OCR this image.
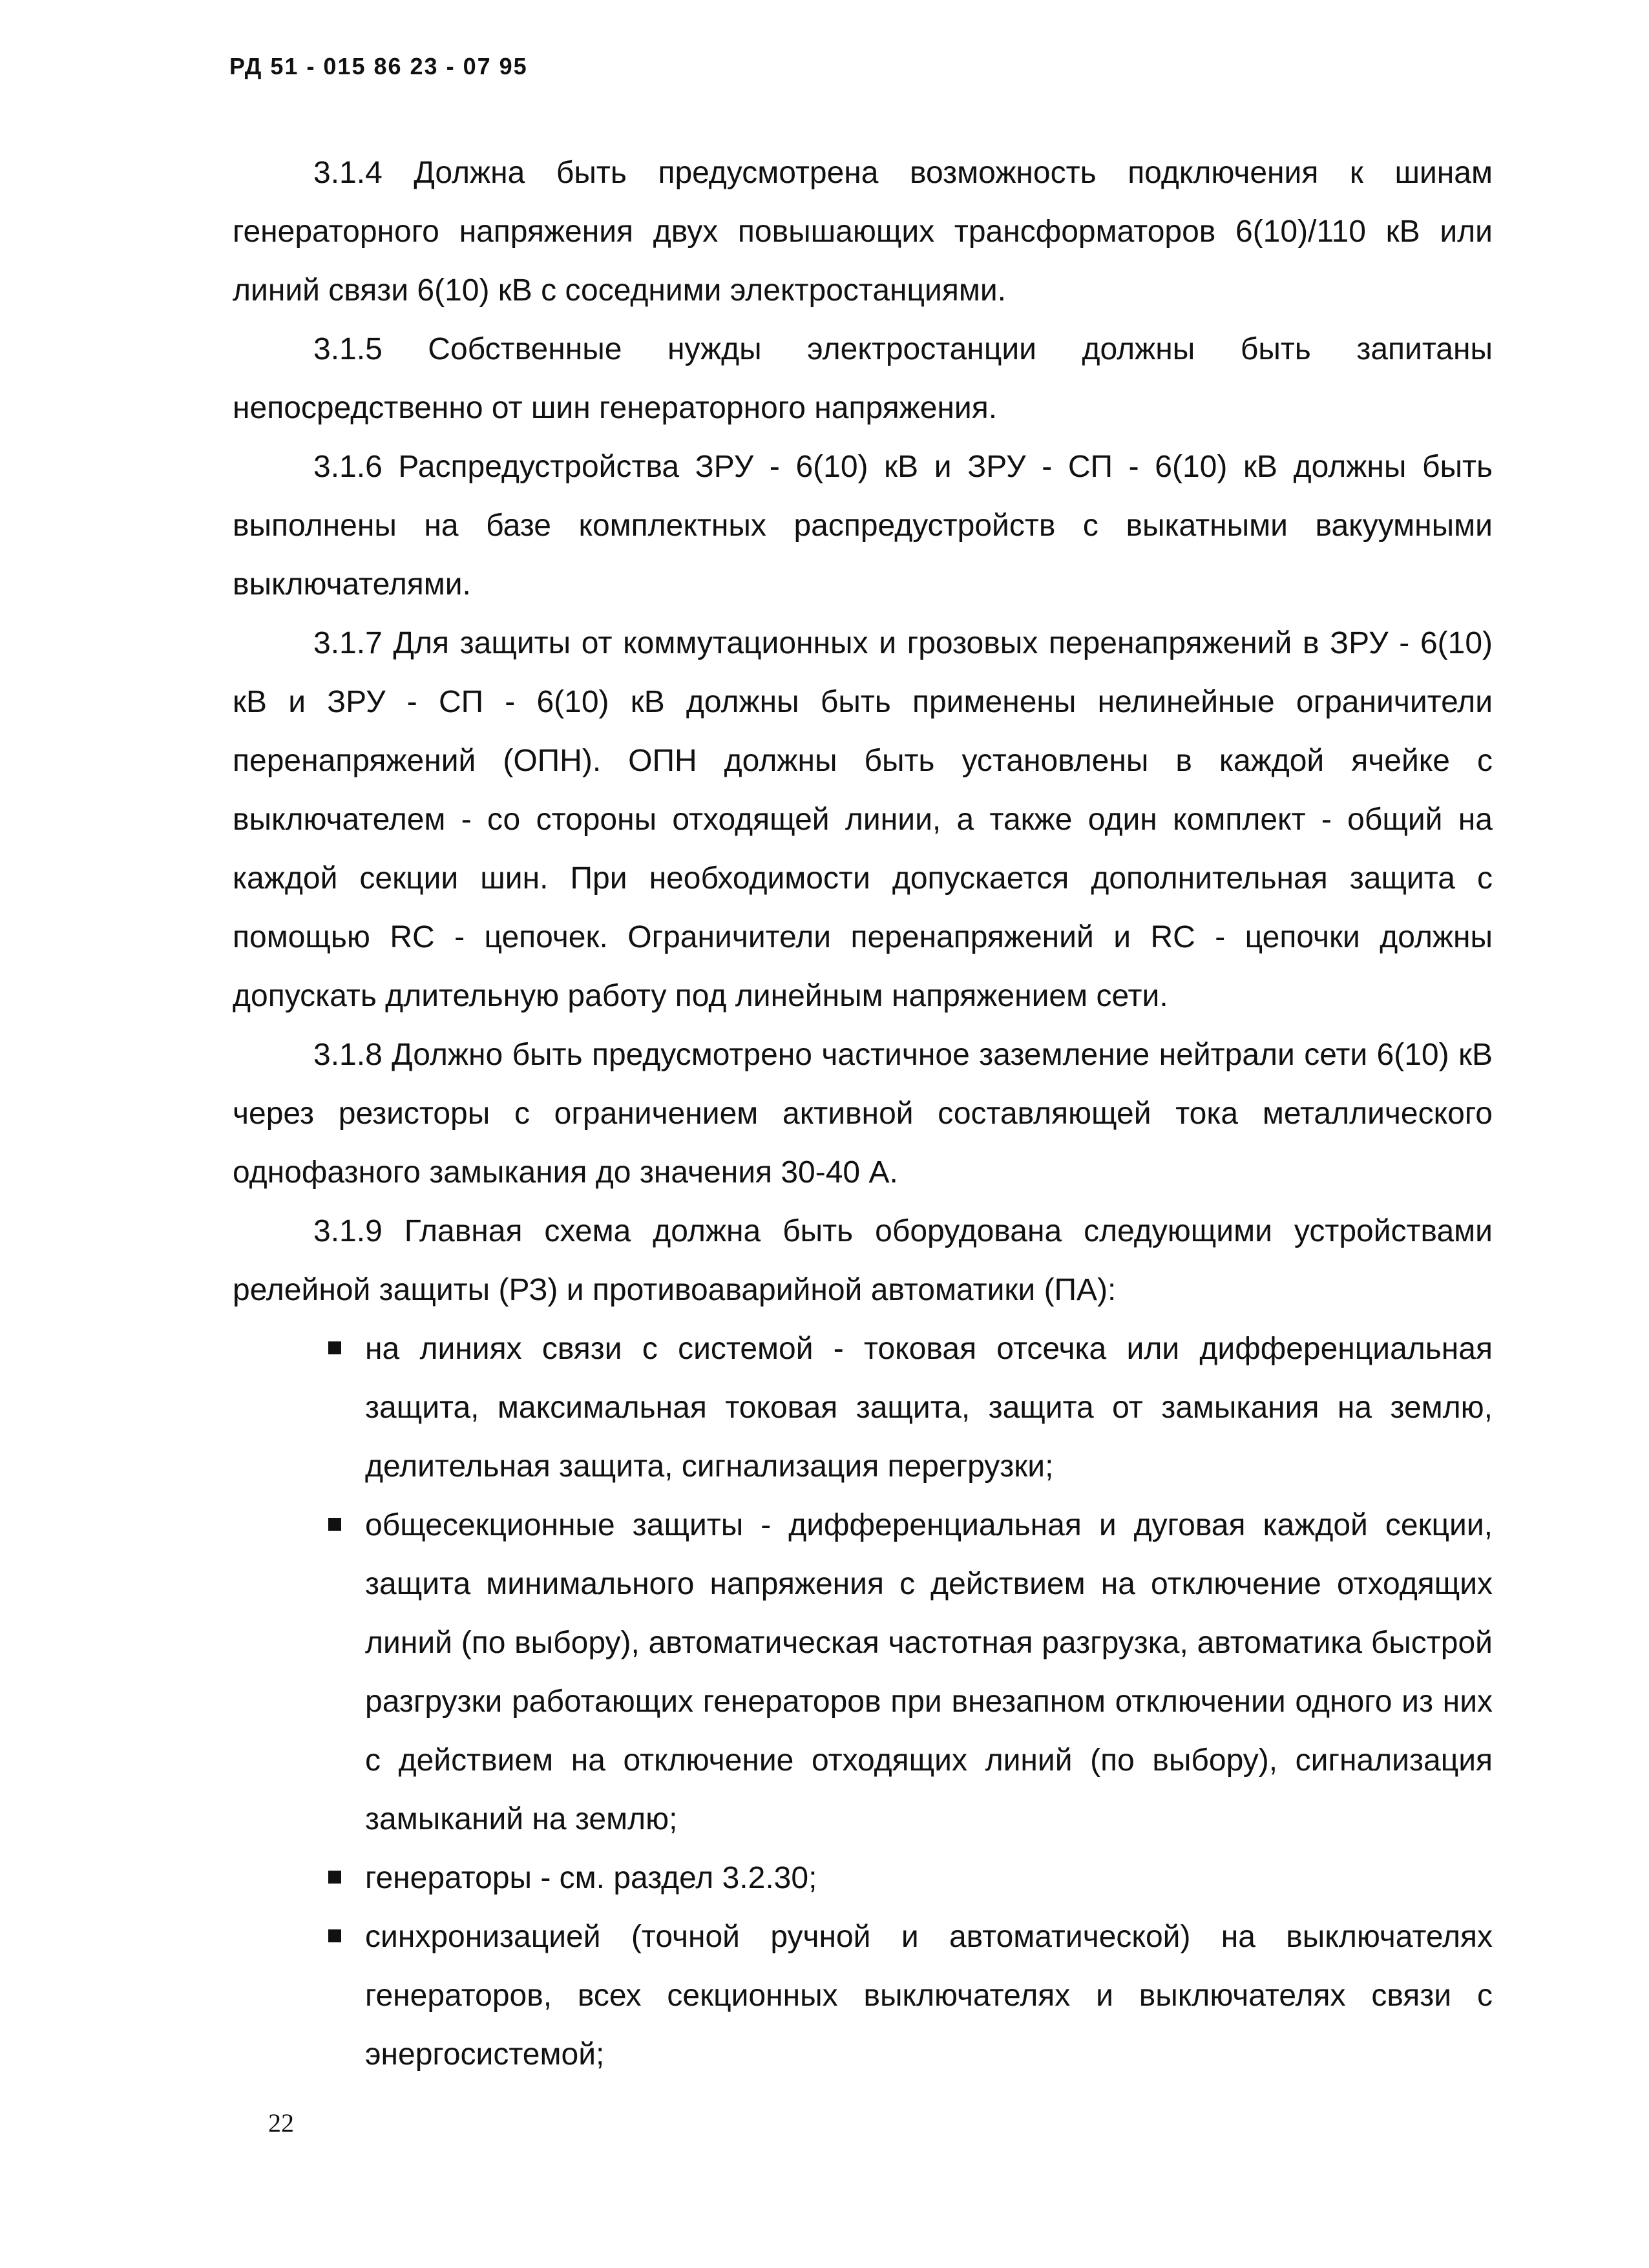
РД 51 - 015 86 23 - 07 95

3.1.4 Должна быть предусмотрена возможность подключения к шинам генераторного напряжения двух повышающих трансформаторов 6(10)/110 кВ или линий связи 6(10) кВ с соседними электростанциями.

3.1.5 Собственные нужды электростанции должны быть запитаны непосредственно от шин генераторного напряжения.

3.1.6 Распредустройства ЗРУ - 6(10) кВ и ЗРУ - СП - 6(10) кВ должны быть выполнены на базе комплектных распредустройств с выкатными вакуумными выключателями.

3.1.7 Для защиты от коммутационных и грозовых перенапряжений в ЗРУ - 6(10) кВ и ЗРУ - СП - 6(10) кВ должны быть применены нелинейные ограничители перенапряжений (ОПН). ОПН должны быть установлены в каждой ячейке с выключателем - со стороны отходящей линии, а также один комплект - общий на каждой секции шин. При необходимости допускается дополнительная защита с помощью RC - цепочек. Ограничители перенапряжений и RC - цепочки должны допускать длительную работу под линейным напряжением сети.

3.1.8 Должно быть предусмотрено частичное заземление нейтрали сети 6(10) кВ через резисторы с ограничением активной составляющей тока металлического однофазного замыкания до значения 30-40 А.

3.1.9 Главная схема должна быть оборудована следующими устройствами релейной защиты (РЗ) и противоаварийной автоматики (ПА):

на линиях связи с системой - токовая отсечка или дифференциальная защита, максимальная токовая защита, защита от замыкания на землю, делительная защита, сигнализация перегрузки;
общесекционные защиты - дифференциальная и дуговая каждой секции, защита минимального напряжения с действием на отключение отходящих линий (по выбору), автоматическая частотная разгрузка, автоматика быстрой разгрузки работающих генераторов при внезапном отключении одного из них с действием на отключение отходящих линий (по выбору), сигнализация замыканий на землю;
генераторы - см. раздел 3.2.30;
синхронизацией (точной ручной и автоматической) на выключателях генераторов, всех секционных выключателях и выключателях связи с энергосистемой;

22
